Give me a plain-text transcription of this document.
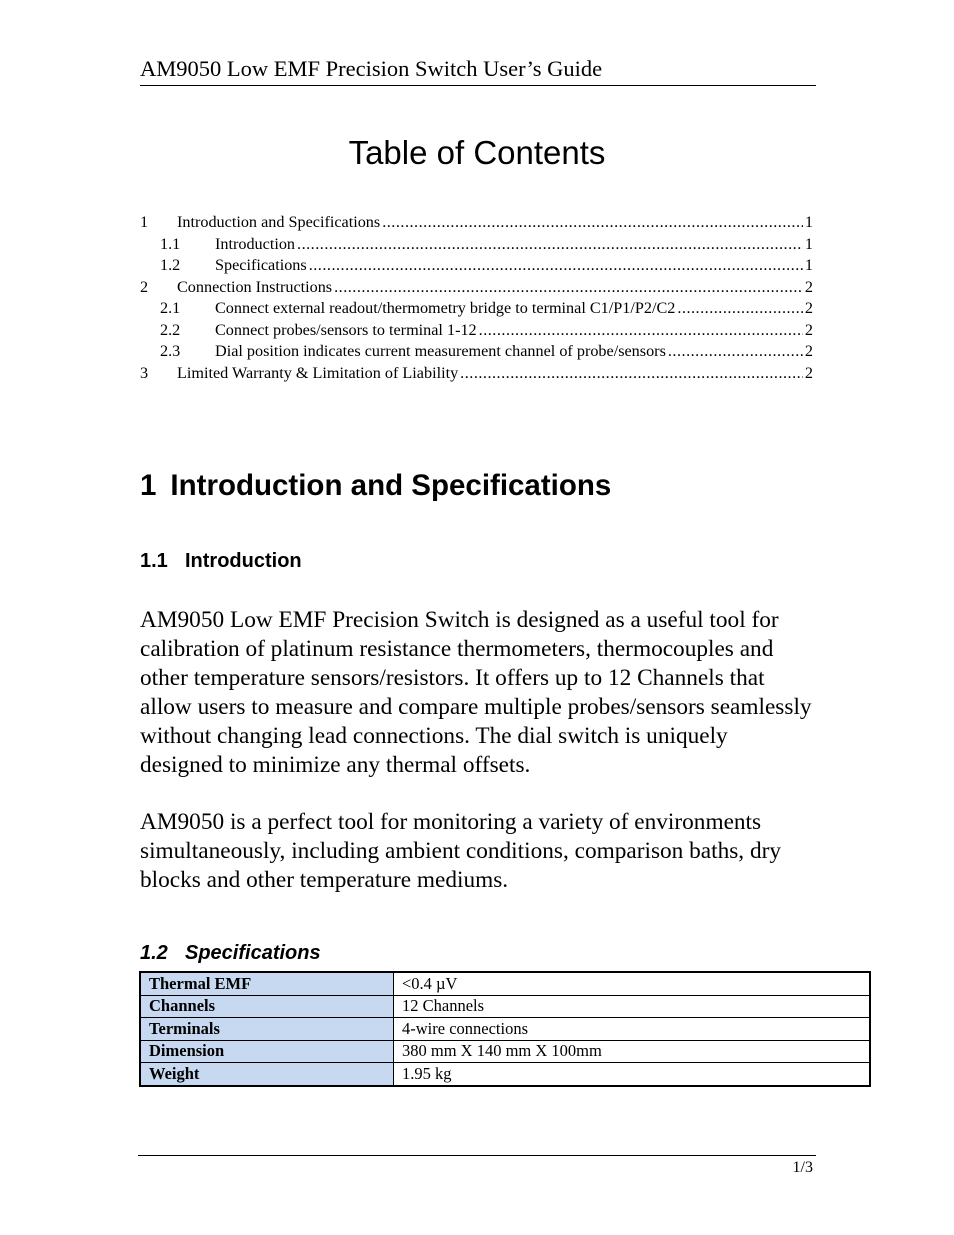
AM9050 Low EMF Precision Switch User’s Guide
Table of Contents
1	Introduction and Specifications .....	1
1.1	Introduction .....	1
1.2	Specifications .....	1
2	Connection Instructions .....	2
2.1	Connect external readout/thermometry bridge to terminal C1/P1/P2/C2 .....	2
2.2	Connect probes/sensors to terminal 1-12 .....	2
2.3	Dial position indicates current measurement channel of probe/sensors .....	2
3	Limited Warranty & Limitation of Liability .....	2
1 Introduction and Specifications
1.1 Introduction

AM9050 Low EMF Precision Switch is designed as a useful tool for calibration of platinum resistance thermometers, thermocouples and other temperature sensors/resistors. It offers up to 12 Channels that allow users to measure and compare multiple probes/sensors seamlessly without changing lead connections. The dial switch is uniquely designed to minimize any thermal offsets.

AM9050 is a perfect tool for monitoring a variety of environments simultaneously, including ambient conditions, comparison baths, dry blocks and other temperature mediums.

1.2 Specifications
Thermal EMF	<0.4 µV
Channels	12 Channels
Terminals	4-wire connections
Dimension	380 mm X 140 mm X 100mm
Weight	1.95 kg
1/3
